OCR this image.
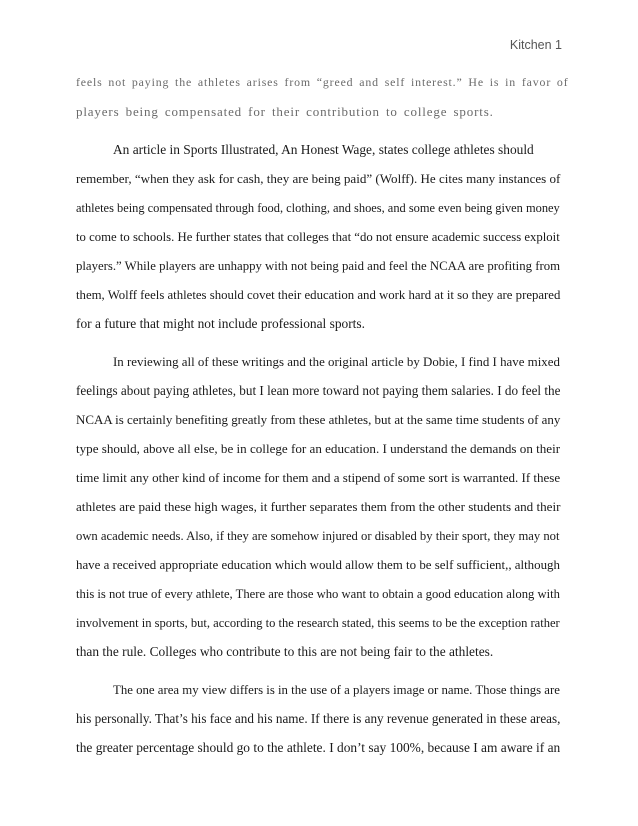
Kitchen 1
feels not paying the athletes arises from “greed and self interest.” He is in favor of
players being compensated for their contribution to college sports.
An article in Sports Illustrated, An Honest Wage, states college athletes should
remember, “when they ask for cash, they are being paid” (Wolff). He cites many instances of
athletes being compensated through food, clothing, and shoes, and some even being given money
to come to schools. He further states that colleges that “do not ensure academic success exploit
players.” While players are unhappy with not being paid and feel the NCAA are profiting from
them, Wolff feels athletes should covet their education and work hard at it so they are prepared
for a future that might not include professional sports.
In reviewing all of these writings and the original article by Dobie, I find I have mixed
feelings about paying athletes, but I lean more toward not paying them salaries. I do feel the
NCAA is certainly benefiting greatly from these athletes, but at the same time students of any
type should, above all else, be in college for an education. I understand the demands on their
time limit any other kind of income for them and a stipend of some sort is warranted. If these
athletes are paid these high wages, it further separates them from the other students and their
own academic needs. Also, if they are somehow injured or disabled by their sport, they may not
have a received appropriate education which would allow them to be self sufficient,, although
this is not true of every athlete, There are those who want to obtain a good education along with
involvement in sports, but, according to the research stated, this seems to be the exception rather
than the rule. Colleges who contribute to this are not being fair to the athletes.
The one area my view differs is in the use of a players image or name. Those things are
his personally. That’s his face and his name. If there is any revenue generated in these areas,
the greater percentage should go to the athlete. I don’t say 100%, because I am aware if an
